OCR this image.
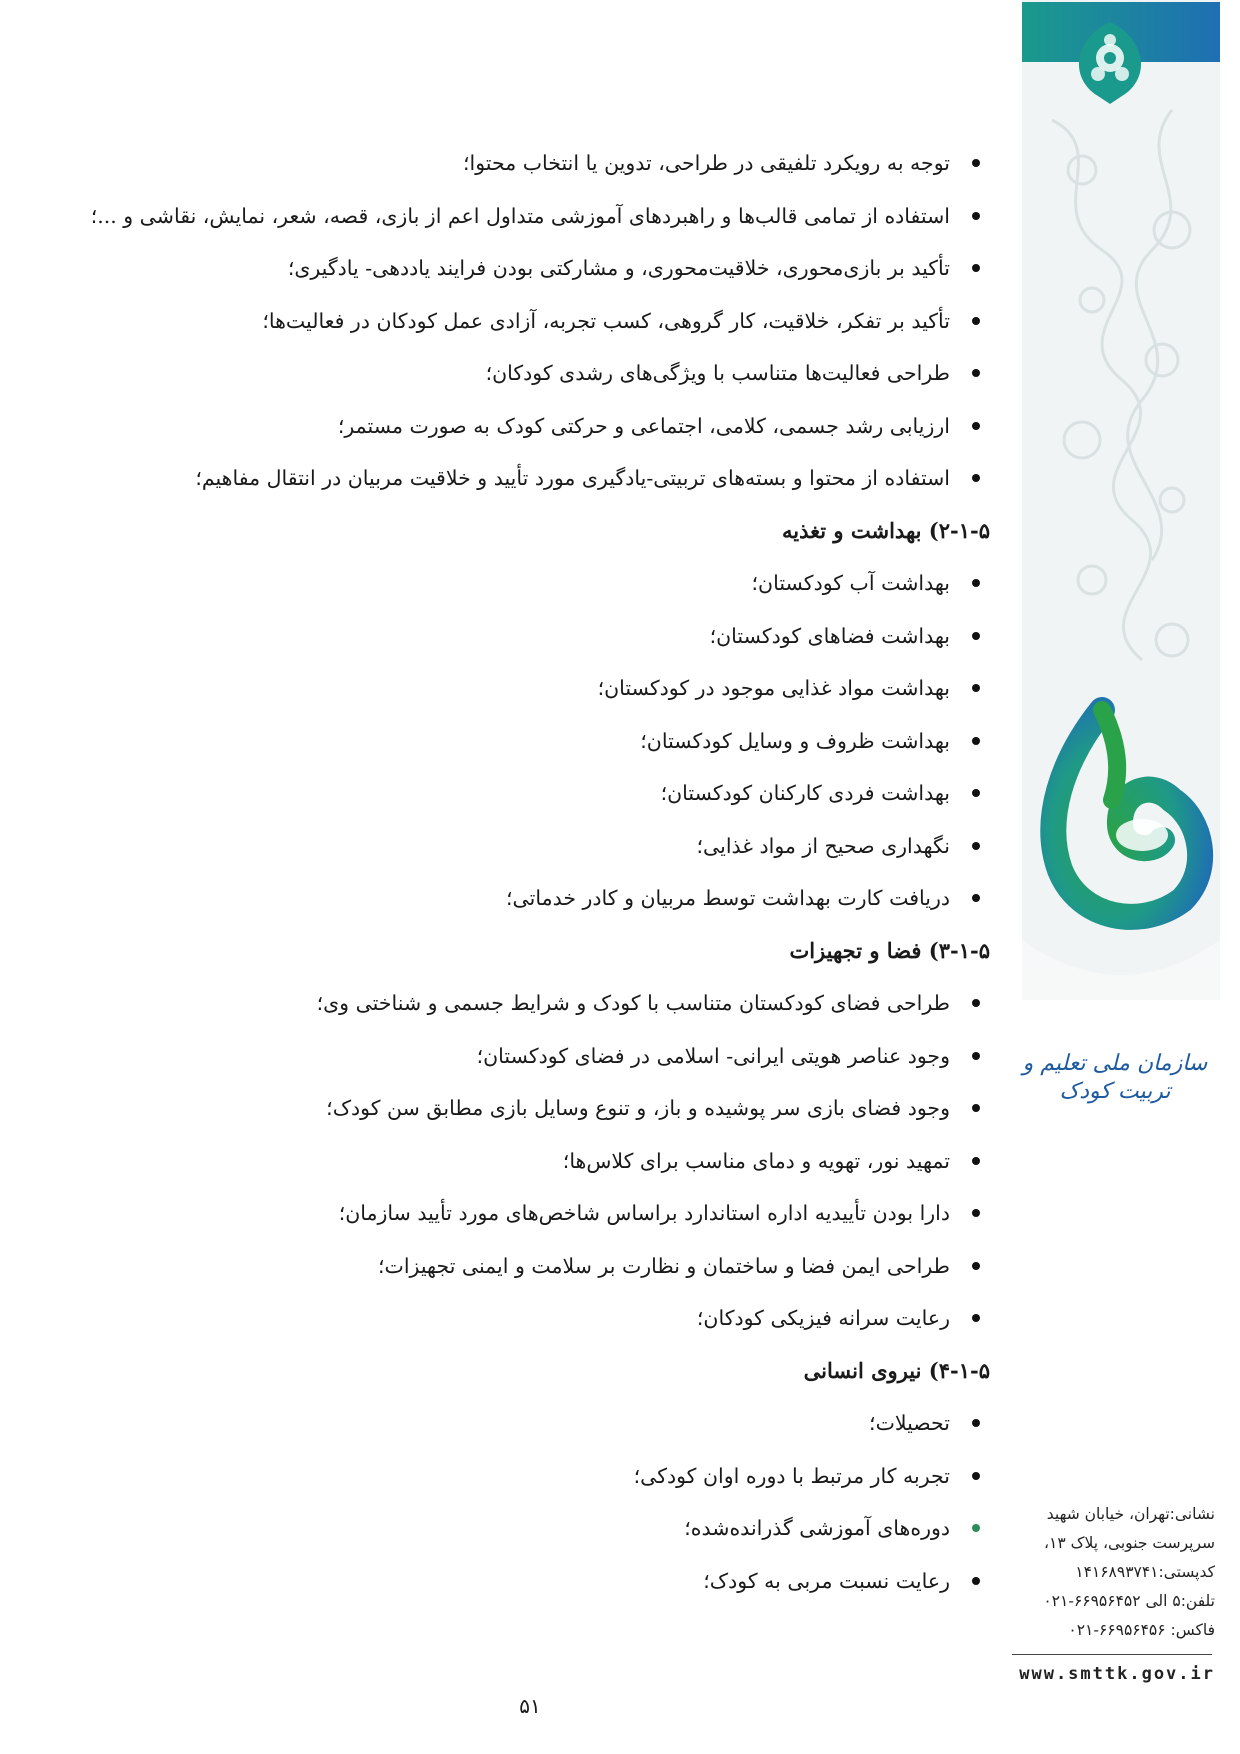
توجه به رویکرد تلفیقی در طراحی، تدوین یا انتخاب محتوا؛
استفاده از تمامی قالب‌ها و راهبردهای آموزشی متداول اعم از بازی، قصه، شعر، نمایش، نقاشی و ...؛
تأکید بر بازی‌محوری، خلاقیت‌محوری، و مشارکتی بودن فرایند یاددهی- یادگیری؛
تأکید بر تفکر، خلاقیت، کار گروهی، کسب تجربه، آزادی عمل کودکان در فعالیت‌ها؛
طراحی فعالیت‌ها متناسب با ویژگی‌های رشدی کودکان؛
ارزیابی رشد جسمی، کلامی، اجتماعی و حرکتی کودک به صورت مستمر؛
استفاده از محتوا و بسته‌های تربیتی-یادگیری مورد تأیید و خلاقیت مربیان در انتقال مفاهیم؛
۲-۱-۵) بهداشت و تغذیه
بهداشت آب کودکستان؛
بهداشت فضاهای کودکستان؛
بهداشت مواد غذایی موجود در کودکستان؛
بهداشت ظروف و وسایل کودکستان؛
بهداشت فردی کارکنان کودکستان؛
نگهداری صحیح از مواد غذایی؛
دریافت کارت بهداشت توسط مربیان و کادر خدماتی؛
۳-۱-۵) فضا و تجهیزات
طراحی فضای کودکستان متناسب با کودک و شرایط جسمی و شناختی وی؛
وجود عناصر هویتی ایرانی- اسلامی در فضای کودکستان؛
وجود فضای بازی سر پوشیده و باز، و تنوع وسایل بازی مطابق سن کودک؛
تمهید نور، تهویه و دمای مناسب برای کلاس‌ها؛
دارا بودن تأییدیه اداره استاندارد براساس شاخص‌های مورد تأیید سازمان؛
طراحی ایمن فضا و ساختمان و نظارت بر سلامت و ایمنی تجهیزات؛
رعایت سرانه فیزیکی کودکان؛
۴-۱-۵) نیروی انسانی
تحصیلات؛
تجربه کار مرتبط با دوره اوان کودکی؛
دوره‌های آموزشی گذرانده‌شده؛
رعایت نسبت مربی به کودک؛
سازمان ملی تعلیم و تربیت کودک
نشانی:تهران، خیابان شهید
سرپرست جنوبی، پلاک ۱۳،
کدپستی:۱۴۱۶۸۹۳۷۴۱
تلفن:۵ الی ۶۶۹۵۶۴۵۲-۰۲۱
فاکس: ۶۶۹۵۶۴۵۶-۰۲۱
www.smttk.gov.ir
۵۱
